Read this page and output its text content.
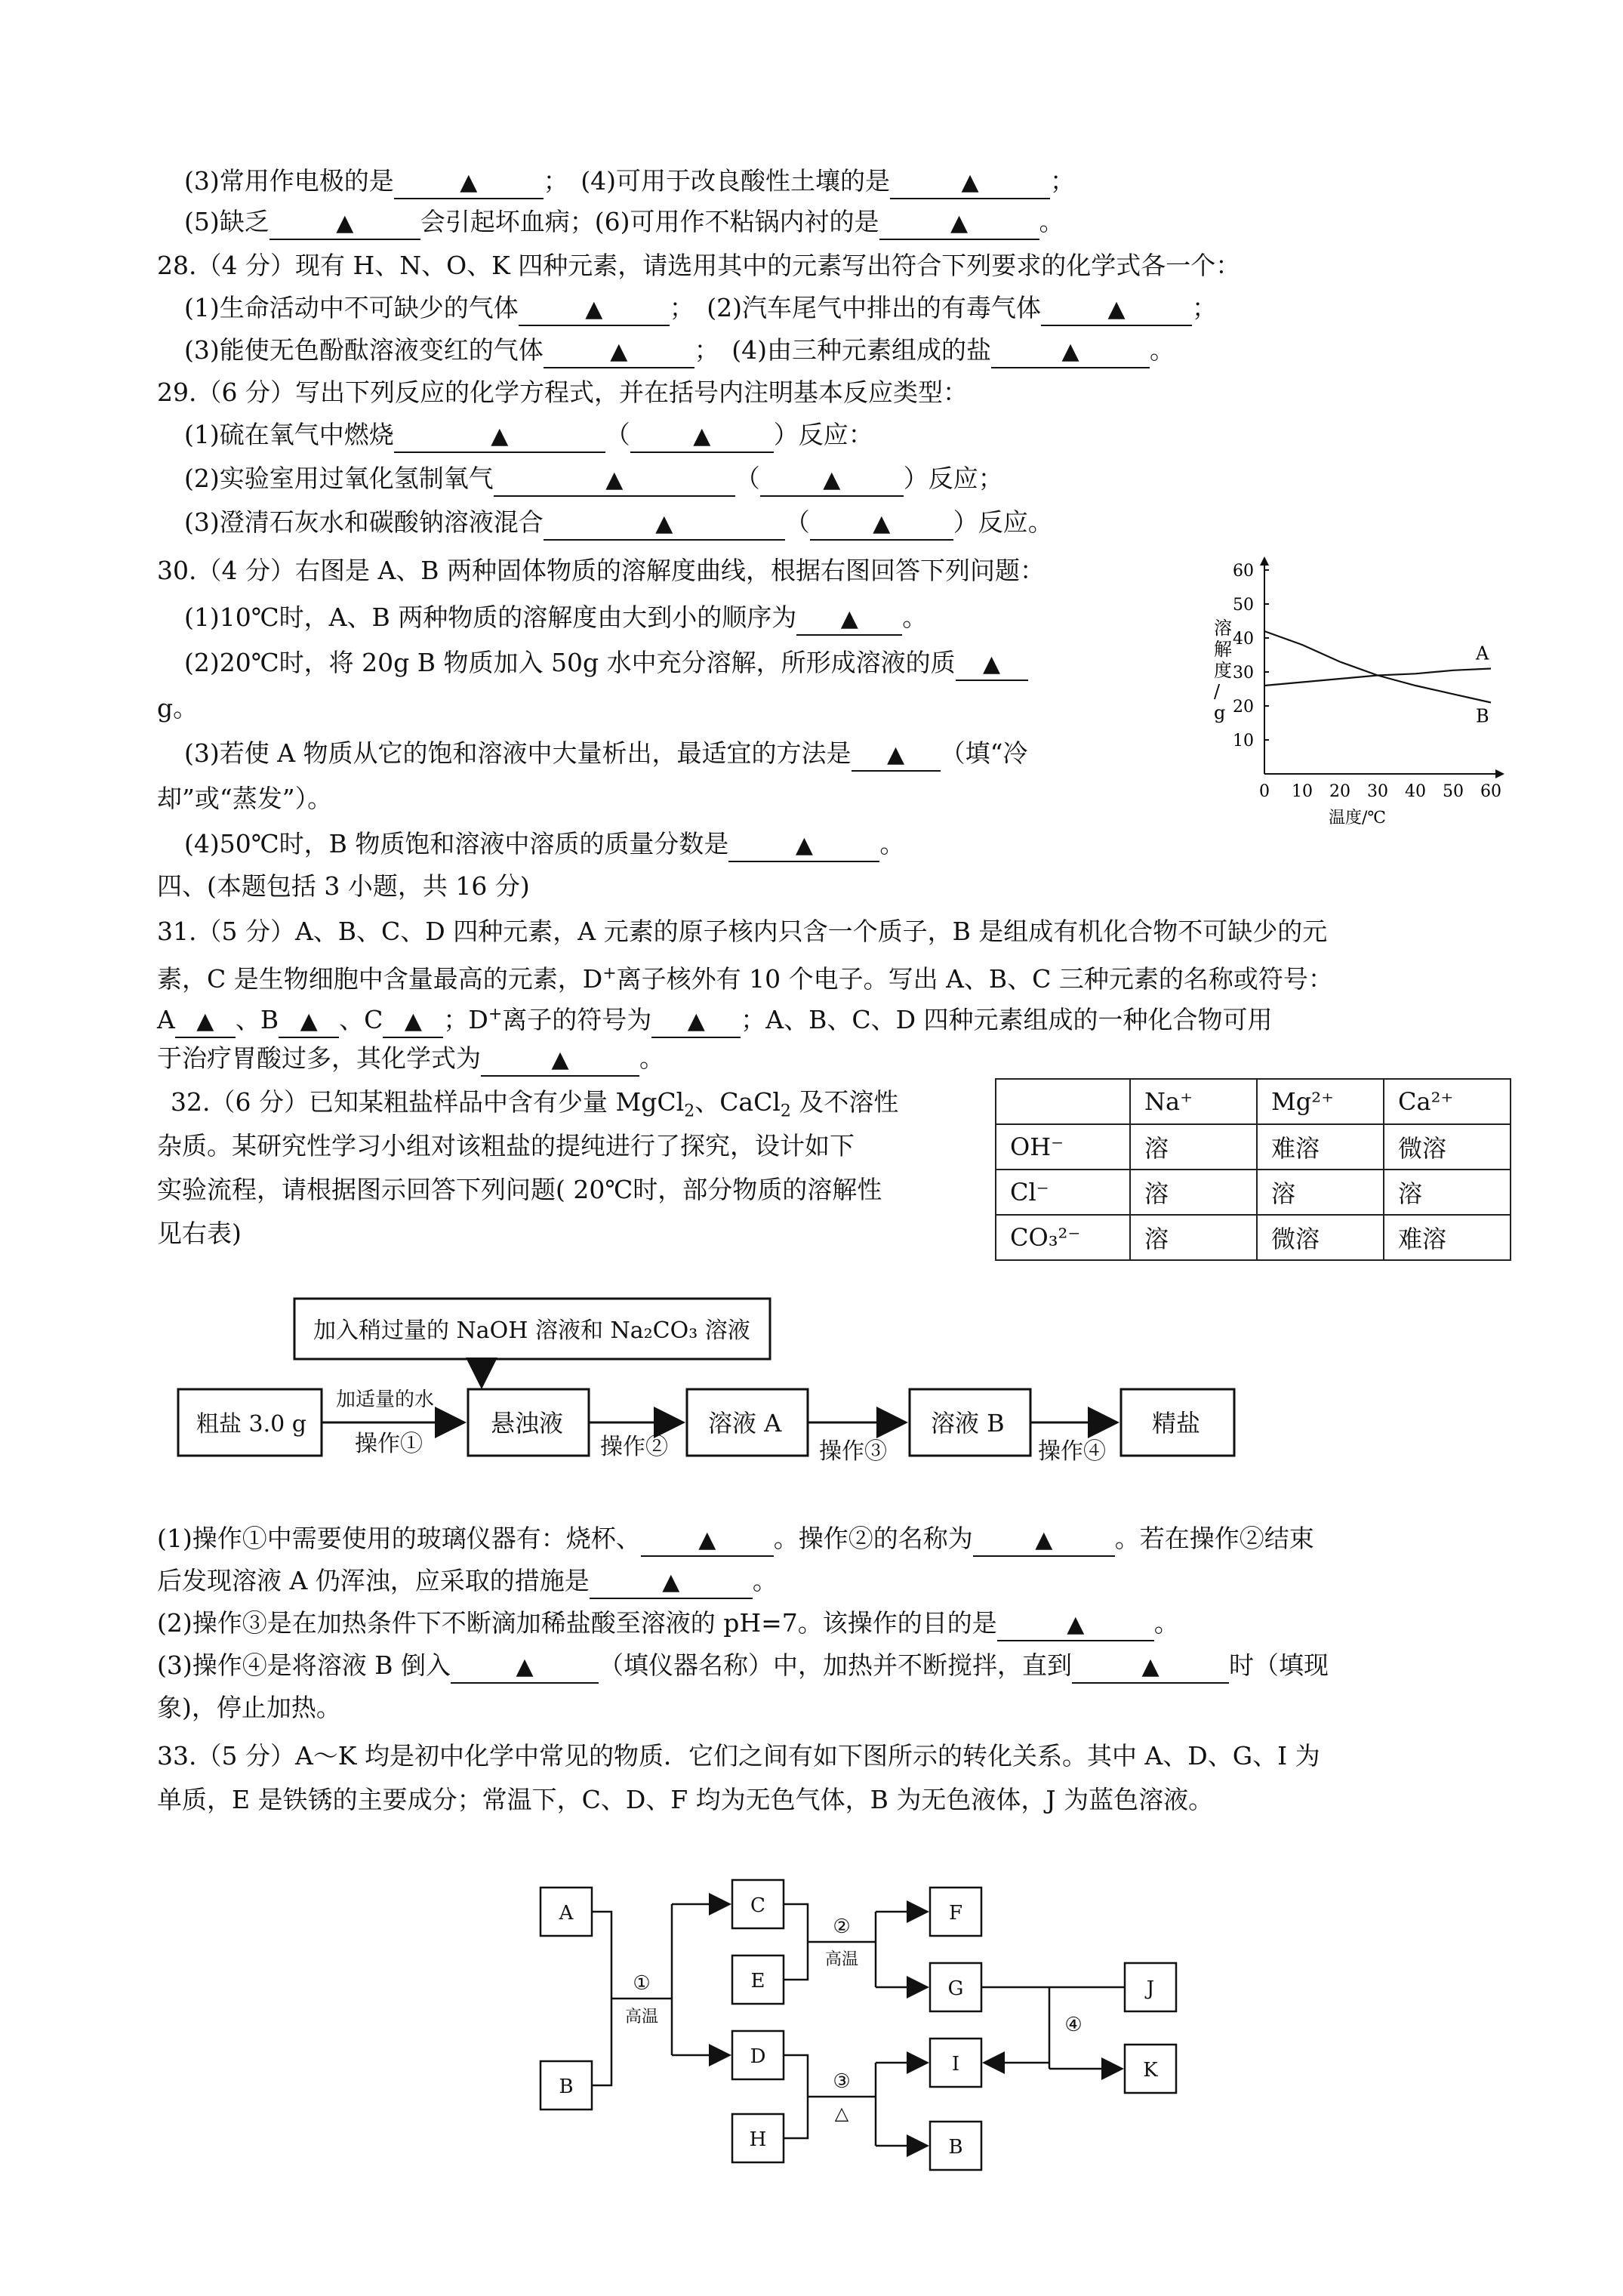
(3)常用作电极的是	▲	；　(4)可用于改良酸性土壤的是	▲	；
(5)缺乏	▲	会引起坏血病；(6)可用作不粘锅内衬的是	▲	。
28.（4 分）现有 H、N、O、K 四种元素，请选用其中的元素写出符合下列要求的化学式各一个：
(1)生命活动中不可缺少的气体	▲	；　(2)汽车尾气中排出的有毒气体	▲	；
(3)能使无色酚酞溶液变红的气体	▲	；　(4)由三种元素组成的盐	▲	。
29.（6 分）写出下列反应的化学方程式，并在括号内注明基本反应类型：
(1)硫在氧气中燃烧	▲	（	▲	）反应：
(2)实验室用过氧化氢制氧气	▲	（	▲	）反应；
(3)澄清石灰水和碳酸钠溶液混合	▲	（	▲	）反应。
30.（4 分）右图是 A、B 两种固体物质的溶解度曲线，根据右图回答下列问题：
(1)10℃时，A、B 两种物质的溶解度由大到小的顺序为 ▲ 。
(2)20℃时，将 20g B 物质加入 50g 水中充分溶解，所形成溶液的质 ▲
g。
(3)若使 A 物质从它的饱和溶液中大量析出，最适宜的方法是 ▲ （填“冷
却”或“蒸发”）。
(4)50℃时，B 物质饱和溶液中溶质的质量分数是	▲	。
0 10 20 30 40 50 60
10
20
30
40
50
60
A
B
溶解度/ g
温度/℃
四、(本题包括 3 小题，共 16 分)
31.（5 分）A、B、C、D 四种元素，A 元素的原子核内只含一个质子，B 是组成有机化合物不可缺少的元
素，C 是生物细胞中含量最高的元素，D+离子核外有 10 个电子。写出 A、B、C 三种元素的名称或符号：
A ▲ 、B ▲ 、C ▲ ；D+离子的符号为 ▲ ；A、B、C、D 四种元素组成的一种化合物可用
于治疗胃酸过多，其化学式为	▲	。
32.（6 分）已知某粗盐样品中含有少量 MgCl$_2$、CaCl$_2$ 及不溶性
杂质。某研究性学习小组对该粗盐的提纯进行了探究，设计如下
实验流程，请根据图示回答下列问题( 20℃时，部分物质的溶解性
见右表)
	Na⁺	Mg²⁺	Ca²⁺
OH⁻	溶	难溶	微溶
Cl⁻	溶	溶	溶
CO₃²⁻	溶	微溶	难溶
加入稍过量的 NaOH 溶液和 Na₂CO₃ 溶液
粗盐 3.0 g	悬浊液	溶液 A	溶液 B	精盐
加适量的水
操作①	操作②	操作③	操作④
(1)操作①中需要使用的玻璃仪器有：烧杯、	▲ 。操作②的名称为	▲ 。若在操作②结束
后发现溶液 A 仍浑浊，应采取的措施是	▲	。
(2)操作③是在加热条件下不断滴加稀盐酸至溶液的 pH=7。该操作的目的是	▲	。
(3)操作④是将溶液 B 倒入	▲	（填仪器名称）中，加热并不断搅拌，直到	▲	时（填现
象)，停止加热。
33.（5 分）A～K 均是初中化学中常见的物质．它们之间有如下图所示的转化关系。其中 A、D、G、I 为
单质，E 是铁锈的主要成分；常温下，C、D、F 均为无色气体，B 为无色液体，J 为蓝色溶液。
A
B
C
E
D
H
F
G
I
B
J
K
①
高温
②
高温
③
△
④
